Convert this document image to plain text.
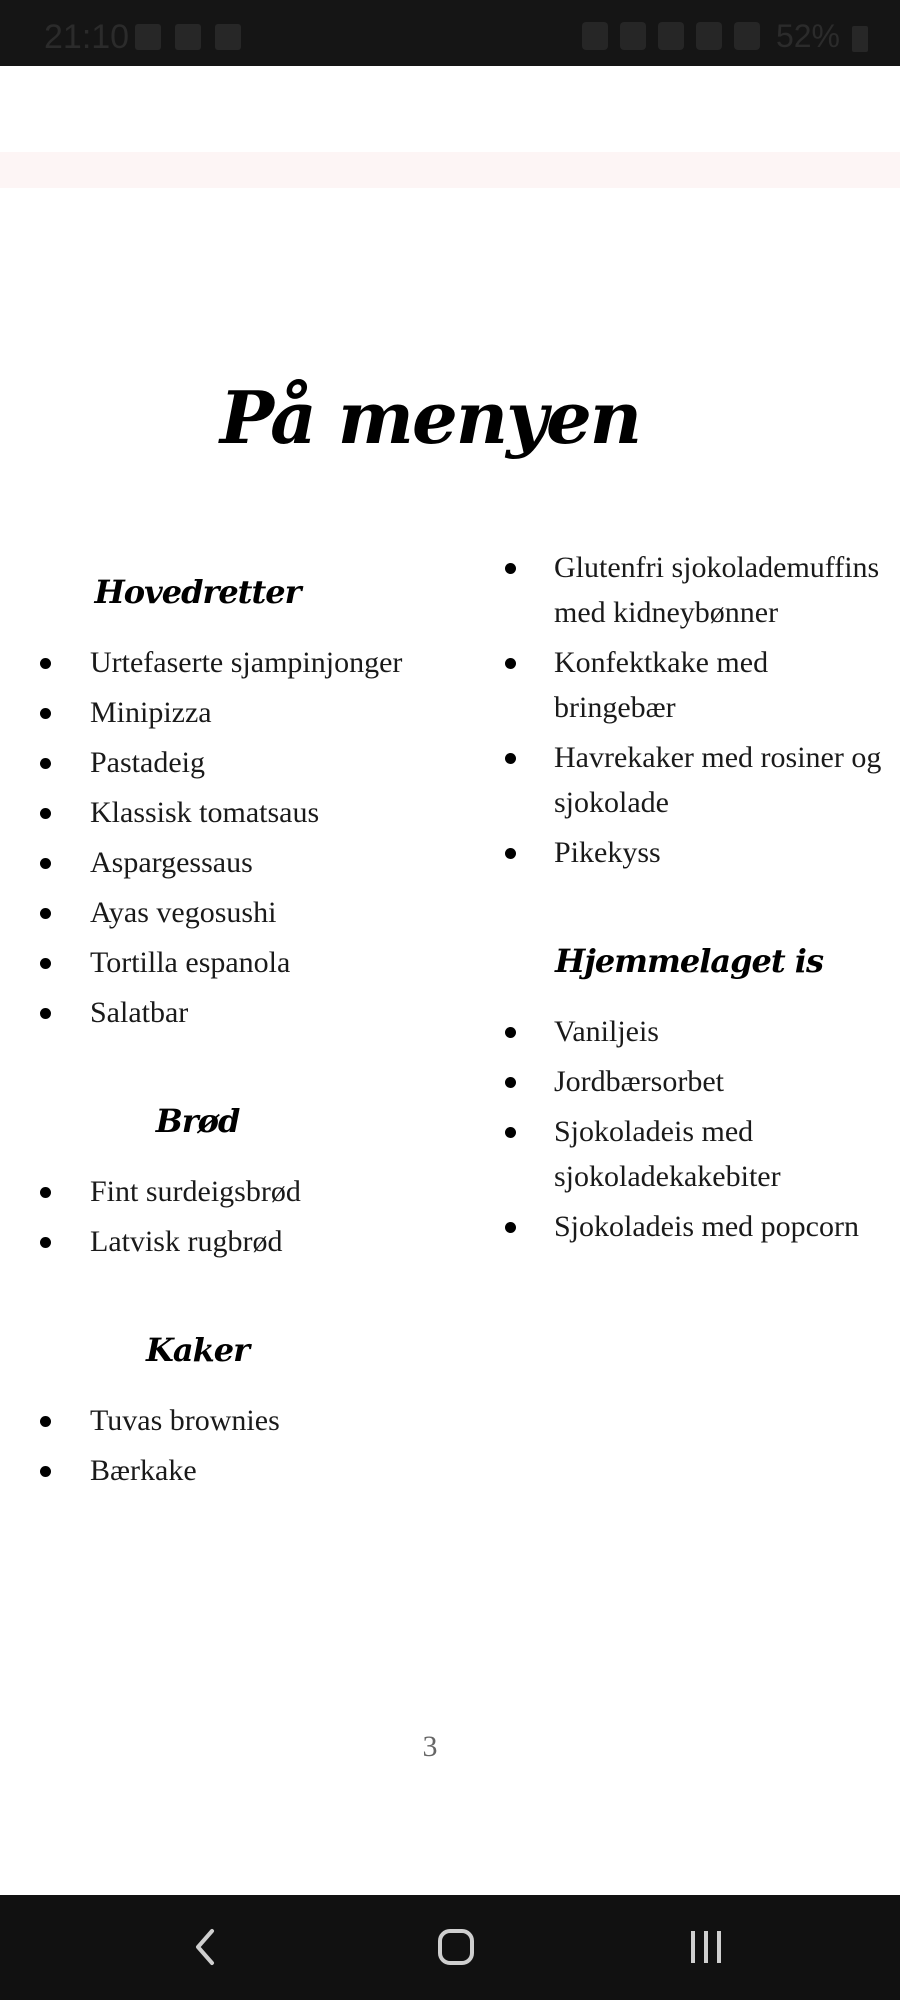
21:10	52%
På menyen
Hovedretter
Urtefaserte sjampinjonger
Minipizza
Pastadeig
Klassisk tomatsaus
Aspargessaus
Ayas vegosushi
Tortilla espanola
Salatbar
Brød
Fint surdeigsbrød
Latvisk rugbrød
Kaker
Tuvas brownies
Bærkake
Glutenfri sjokolademuffins med kidneybønner
Konfektkake med bringebær
Havrekaker med rosiner og sjokolade
Pikekyss
Hjemmelaget is
Vaniljeis
Jordbærsorbet
Sjokoladeis med sjokoladekakebiter
Sjokoladeis med popcorn
3
